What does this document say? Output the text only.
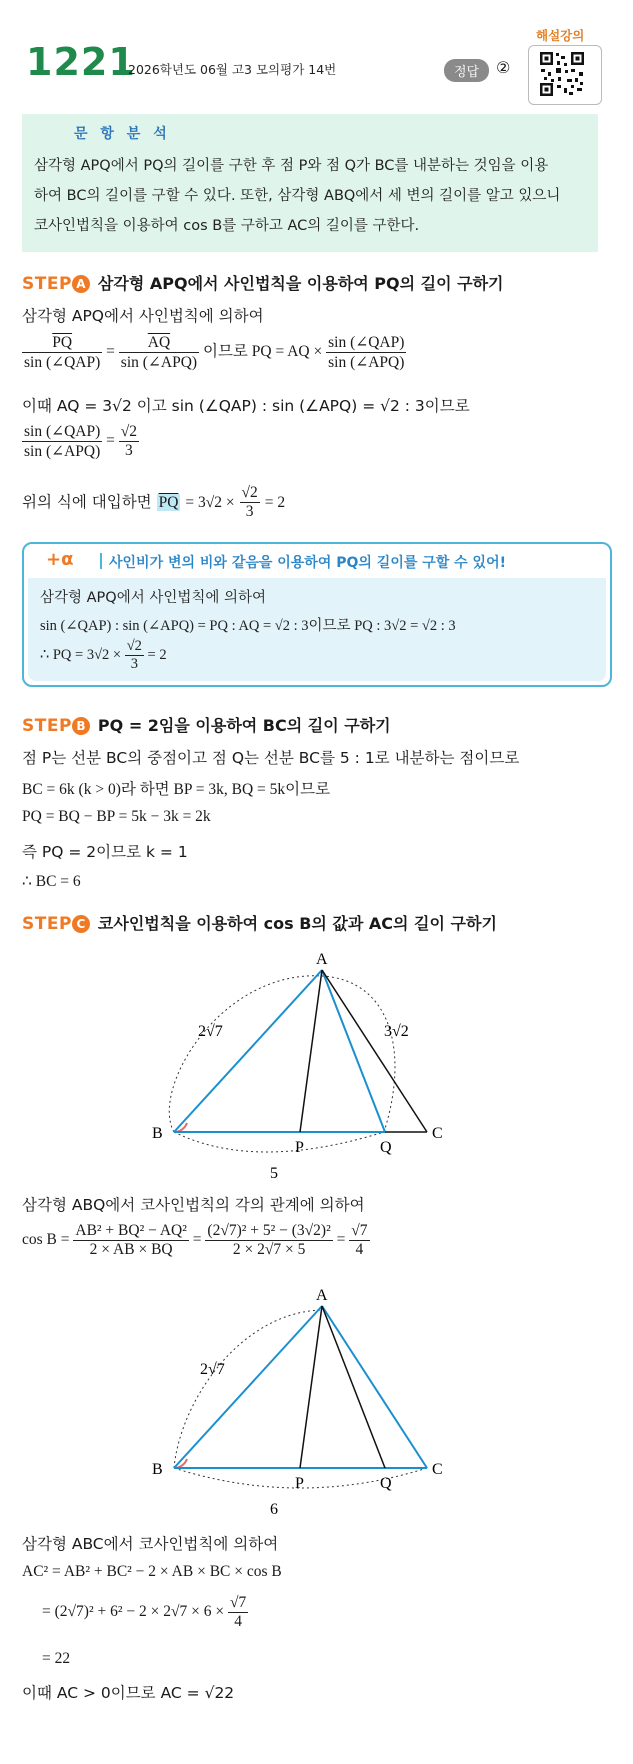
1221
2026학년도 06월 고3 모의평가 14번	정답	②
해설강의
문 항 분 석
삼각형 APQ에서 PQ의 길이를 구한 후 점 P와 점 Q가 BC를 내분하는 것임을 이용
하여 BC의 길이를 구할 수 있다. 또한, 삼각형 ABQ에서 세 변의 길이를 알고 있으니
코사인법칙을 이용하여 cos B를 구하고 AC의 길이를 구한다.
STEP A 삼각형 APQ에서 사인법칙을 이용하여 PQ의 길이 구하기
삼각형 APQ에서 사인법칙에 의하여
$\frac{\overline{PQ}}{\text{sin (∠QAP)}} = \frac{\overline{AQ}}{\text{sin (∠APQ)}}$ 이므로 PQ = AQ × $\frac{\text{sin (∠QAP)}}{\text{sin (∠APQ)}}$
이때 AQ = 3√2 이고 sin (∠QAP) : sin (∠APQ) = √2 : 3이므로
$\frac{\text{sin (∠QAP)}}{\text{sin (∠APQ)}} = \frac{√2}{3}$
위의 식에 대입하면 $\overline{PQ} = 3√2 \times \frac{√2}{3} = 2$
+α	사인비가 변의 비와 같음을 이용하여 PQ의 길이를 구할 수 있어!
삼각형 APQ에서 사인법칙에 의하여
sin (∠QAP) : sin (∠APQ) = PQ : AQ = √2 : 3이므로 PQ : 3√2 = √2 : 3
∴ PQ = $3√2 \times \frac{√2}{3} = 2$
STEP B PQ = 2임을 이용하여 BC의 길이 구하기
점 P는 선분 BC의 중점이고 점 Q는 선분 BC를 5 : 1로 내분하는 점이므로
BC = 6k (k > 0)라 하면 BP = 3k, BQ = 5k이므로
PQ = BQ − BP = 5k − 3k = 2k
즉 PQ = 2이므로 k = 1
∴ BC = 6
STEP C 코사인법칙을 이용하여 cos B의 값과 AC의 길이 구하기
A
B	C
P	Q
2√7	3√2
5
삼각형 ABQ에서 코사인법칙의 각의 관계에 의하여
$\cos B = \frac{\text{AB² + BQ² − AQ²}}{2 \times AB \times BQ} = \frac{\text{(2√7)² + 5² − (3√2)²}}{2 \times 2√7 \times 5} = \frac{√7}{4}$
A
B	C
P	Q
2√7
6
삼각형 ABC에서 코사인법칙에 의하여
AC² = AB² + BC² − 2 × AB × BC × cos B
= $(2√7)^2 + 6^2 - 2 \times 2√7 \times 6 \times \frac{√7}{4}$
= 22
이때 AC > 0이므로 AC = √22
